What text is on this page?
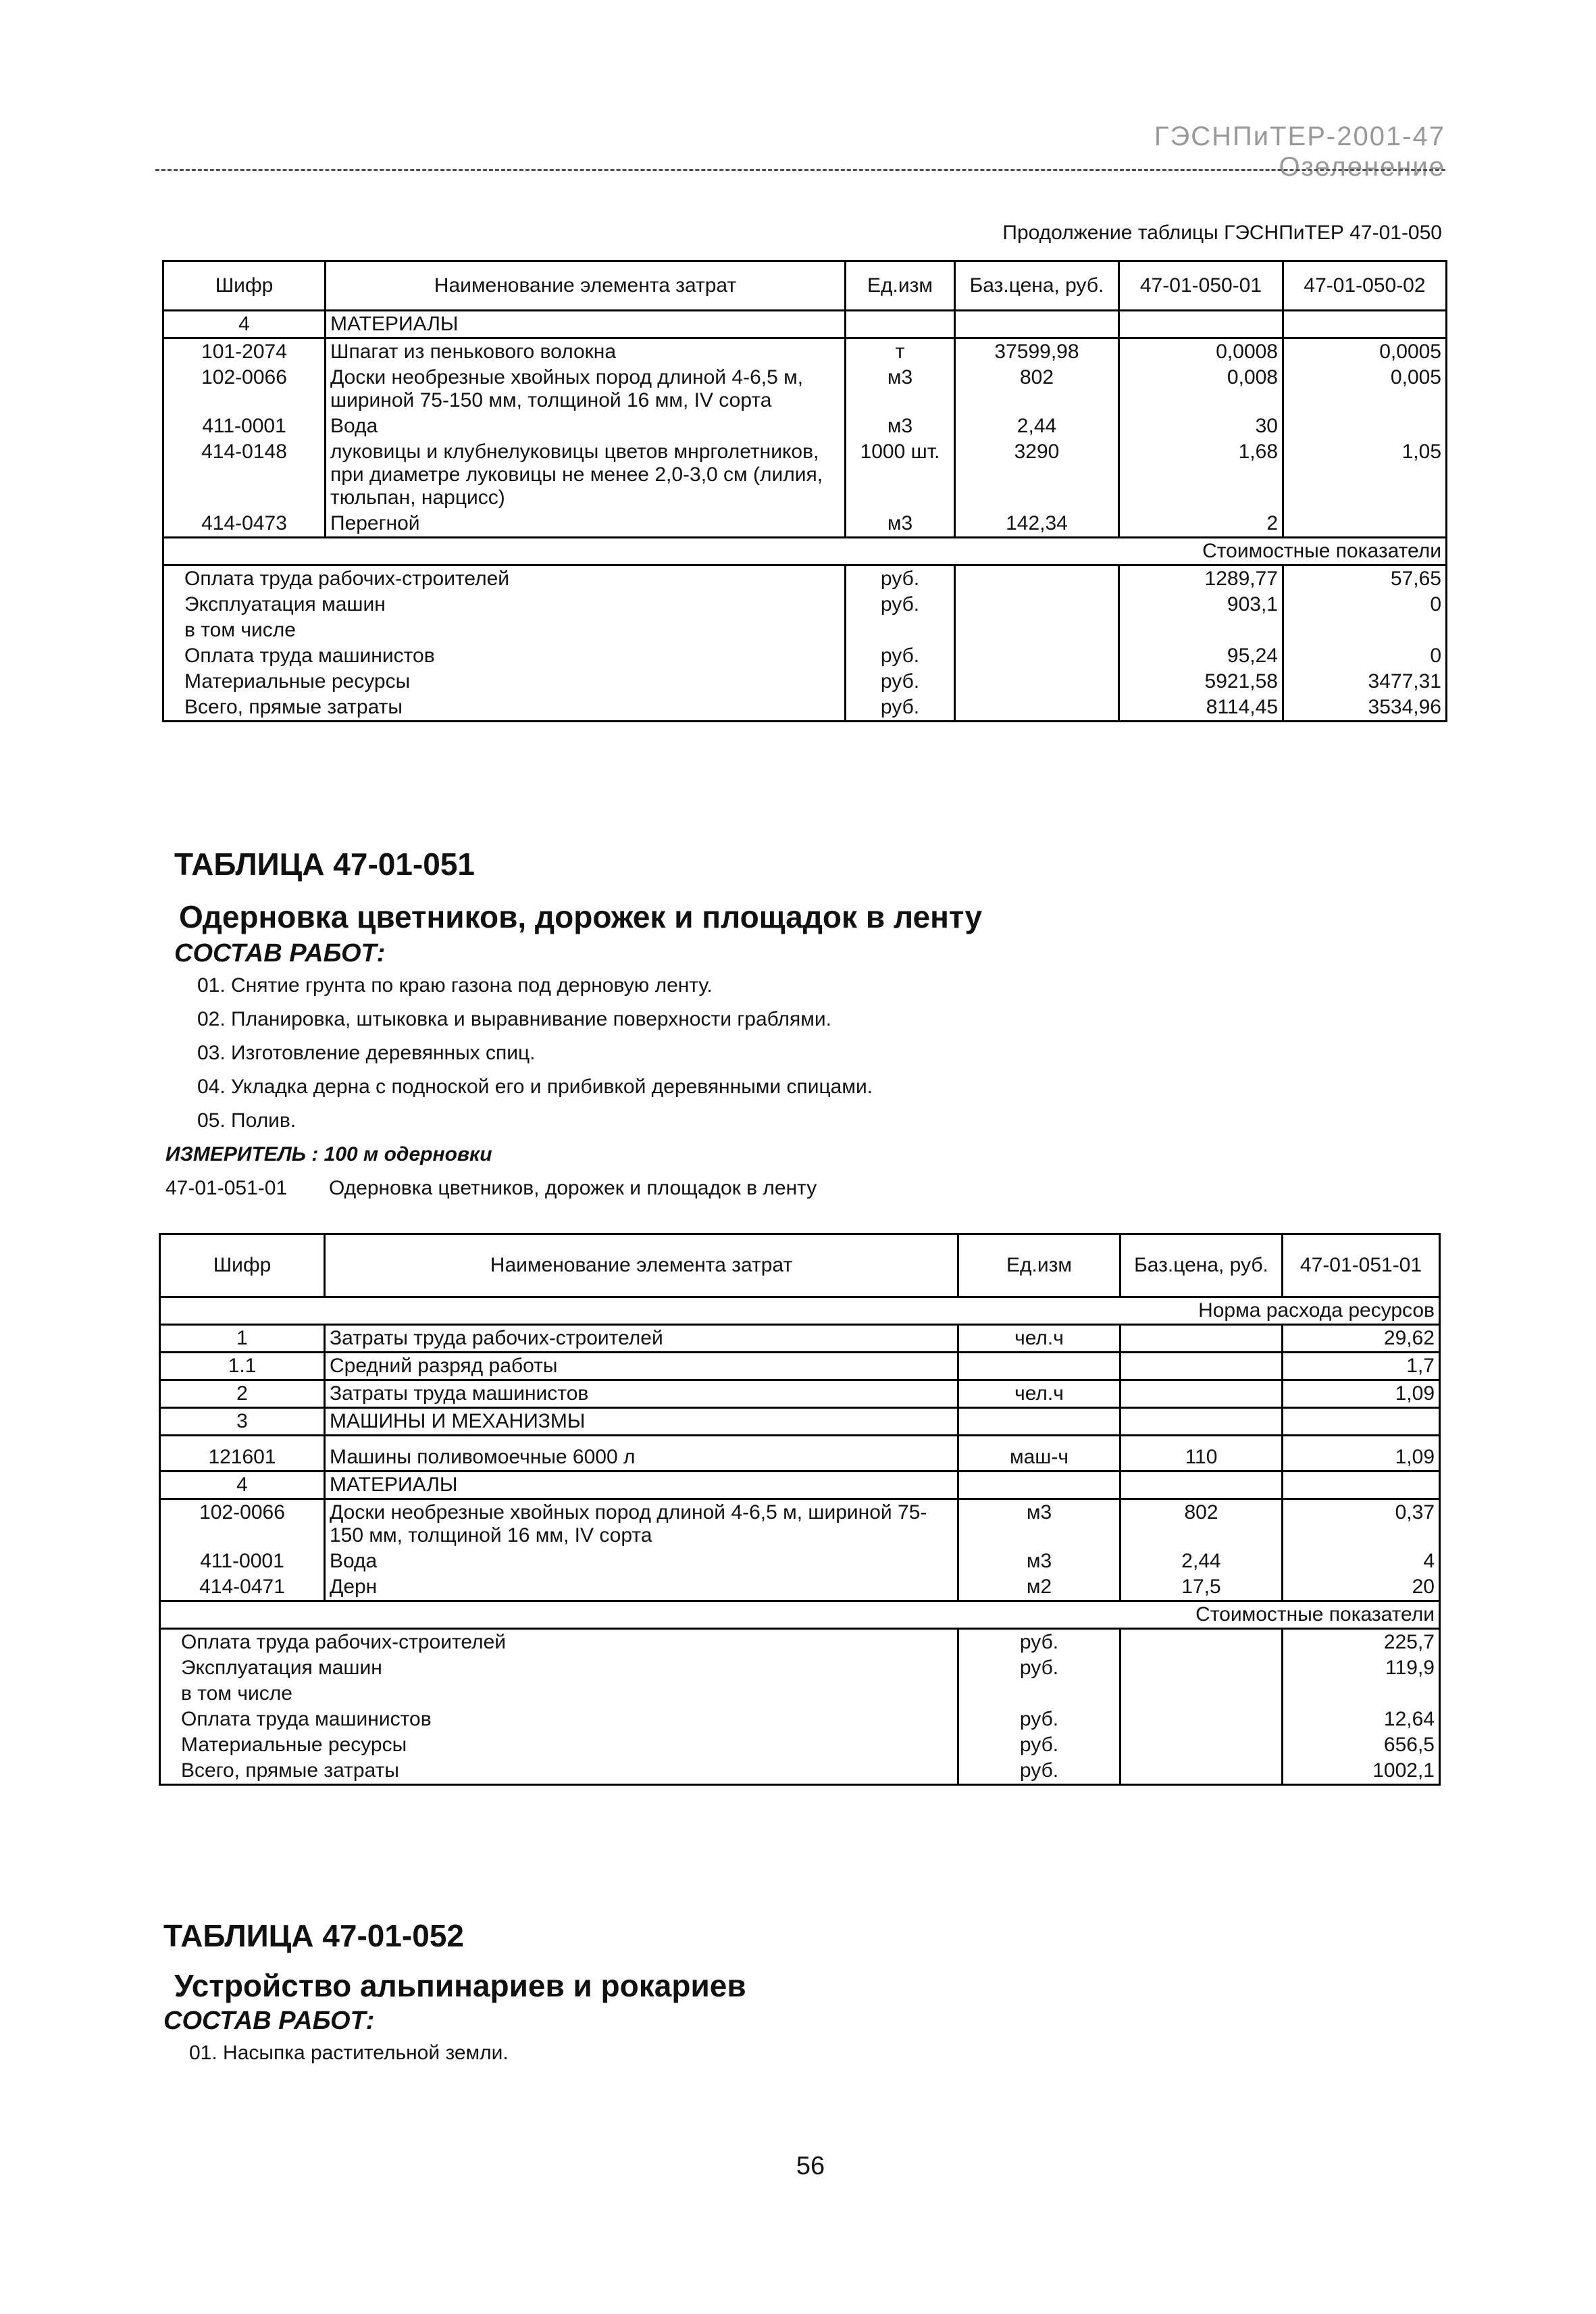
ГЭСНПиТЕР-2001-47 Озеленение
Продолжение таблицы ГЭСНПиТЕР 47-01-050
Шифр	Наименование элемента затрат	Ед.изм	Баз.цена, руб.	47-01-050-01	47-01-050-02
4	МАТЕРИАЛЫ				
101-2074	Шпагат из пенькового волокна	т	37599,98	0,0008	0,0005
102-0066	Доски необрезные хвойных пород длиной 4-6,5 м, шириной 75-150 мм, толщиной 16 мм, IV сорта	м3	802	0,008	0,005
411-0001	Вода	м3	2,44	30	
414-0148	луковицы и клубнелуковицы цветов мнрголетников, при диаметре луковицы не менее 2,0-3,0 см (лилия, тюльпан, нарцисс)	1000 шт.	3290	1,68	1,05
414-0473	Перегной	м3	142,34	2	
Стоимостные показатели					
Оплата труда рабочих-строителей		руб.		1289,77	57,65
Эксплуатация машин		руб.		903,1	0
в том числе					
Оплата труда машинистов		руб.		95,24	0
Материальные ресурсы		руб.		5921,58	3477,31
Всего, прямые затраты		руб.		8114,45	3534,96
ТАБЛИЦА 47-01-051
Одерновка цветников, дорожек и площадок в ленту
СОСТАВ РАБОТ:
01. Снятие грунта по краю газона под дерновую ленту.
02. Планировка, штыковка и выравнивание поверхности граблями.
03. Изготовление деревянных спиц.
04. Укладка дерна с подноской его и прибивкой деревянными спицами.
05. Полив.
ИЗМЕРИТЕЛЬ : 100 м одерновки
47-01-051-01 Одерновка цветников, дорожек и площадок в ленту
Шифр	Наименование элемента затрат	Ед.изм	Баз.цена, руб.	47-01-051-01
Норма расхода ресурсов				
1	Затраты труда рабочих-строителей	чел.ч		29,62
1.1	Средний разряд работы			1,7
2	Затраты труда машинистов	чел.ч		1,09
3	МАШИНЫ И МЕХАНИЗМЫ			
121601	Машины поливомоечные 6000 л	маш-ч	110	1,09
4	МАТЕРИАЛЫ			
102-0066	Доски необрезные хвойных пород длиной 4-6,5 м, шириной 75-150 мм, толщиной 16 мм, IV сорта	м3	802	0,37
411-0001	Вода	м3	2,44	4
414-0471	Дерн	м2	17,5	20
Стоимостные показатели				
Оплата труда рабочих-строителей		руб.		225,7
Эксплуатация машин		руб.		119,9
в том числе				
Оплата труда машинистов		руб.		12,64
Материальные ресурсы		руб.		656,5
Всего, прямые затраты		руб.		1002,1
ТАБЛИЦА 47-01-052
Устройство альпинариев и рокариев
СОСТАВ РАБОТ:
01. Насыпка растительной земли.
56
